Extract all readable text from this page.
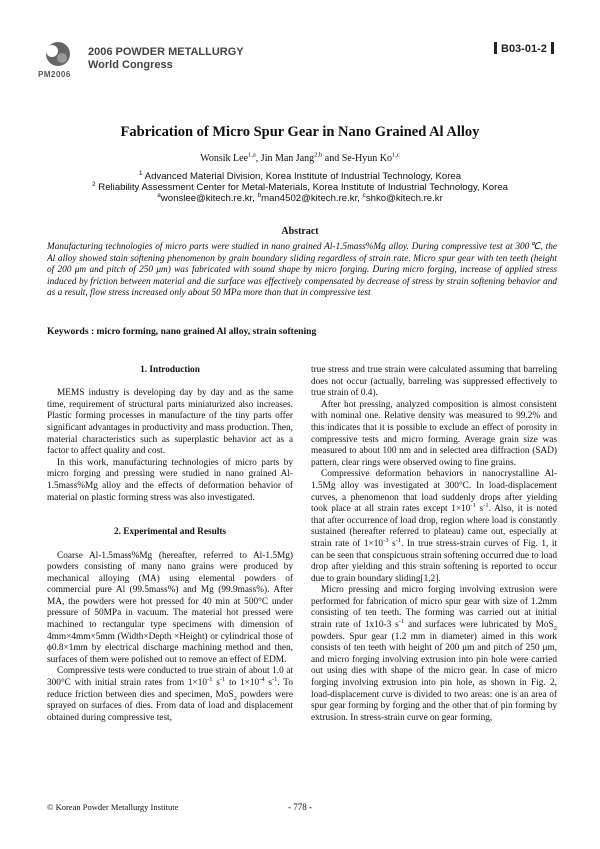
PM2006
2006 POWDER METALLURGY
World Congress
B03-01-2
Fabrication of Micro Spur Gear in Nano Grained Al Alloy
Wonsik Lee$^{1,a}$, Jin Man Jang$^{2,b}$ and Se-Hyun Ko$^{1,c}$
$^1$ Advanced Material Division, Korea Institute of Industrial Technology, Korea
$^2$ Reliability Assessment Center for Metal-Materials, Korea Institute of Industrial Technology, Korea
$^a$wonslee@kitech.re.kr, $^b$man4502@kitech.re.kr, $^c$shko@kitech.re.kr
Abstract

Manufacturing technologies of micro parts were studied in nano grained Al-1.5mass%Mg alloy. During compressive test at 300℃, the Al alloy showed stain softening phenomenon by grain boundary sliding regardless of strain rate. Micro spur gear with ten teeth (height of 200 μm and pitch of 250 μm) was fabricated with sound shape by micro forging. During micro forging, increase of applied stress induced by friction between material and die surface was effectively compensated by decrease of stress by strain softening behavior and as a result, flow stress increased only about 50 MPa more than that in compressive test

Keywords : micro forming, nano grained Al alloy, strain softening

1. Introduction

MEMS industry is developing day by day and as the same time, requirement of structural parts miniaturized also increases. Plastic forming processes in manufacture of the tiny parts offer significant advantages in productivity and mass production. Then, material characteristics such as superplastic behavior act as a factor to affect quality and cost.

In this work, manufacturing technologies of micro parts by micro forging and pressing were studied in nano grained Al-1.5mass%Mg alloy and the effects of deformation behavior of material on plastic forming stress was also investigated.

2. Experimental and Results

Coarse Al-1.5mass%Mg (hereafter, referred to Al-1.5Mg) powders consisting of many nano grains were produced by mechanical alloying (MA) using elemental powders of commercial pure Al (99.5mass%) and Mg (99.9mass%). After MA, the powders were hot pressed for 40 min at 500°C under pressure of 50MPa in vacuum. The material hot pressed were machined to rectangular type specimens with dimension of 4mm×4mm×5mm (Width×Depth ×Height) or cylindrical those of ϕ0.8×1mm by electrical discharge machining method and then, surfaces of them were polished out to remove an effect of EDM.

Compressive tests were conducted to true strain of about 1.0 at 300°C with initial strain rates from $1\times 10^{-1}$ $s^{-1}$ to $1\times 10^{-4}$ $s^{-1}$. To reduce friction between dies and specimen, MoS$_2$ powders were sprayed on surfaces of dies. From data of load and displacement obtained during compressive test,

true stress and true strain were calculated assuming that barreling does not occur (actually, barreling was suppressed effectively to true strain of 0.4).

After hot pressing, analyzed composition is almost consistent with nominal one. Relative density was measured to 99.2% and this indicates that it is possible to exclude an effect of porosity in compressive tests and micro forming. Average grain size was measured to about 100 nm and in selected area diffraction (SAD) pattern, clear rings were observed owing to fine grains.

Compressive deformation behaviors in nanocrystalline Al-1.5Mg alloy was investigated at 300°C. In load-displacement curves, a phenomenon that load suddenly drops after yielding took place at all strain rates except $1\times 10^{-1}$ $s^{-1}$. Also, it is noted that after occurrence of load drop, region where load is constantly sustained (hereafter referred to plateau) came out, especially at strain rate of $1\times 10^{-3}$ $s^{-1}$. In true stress-strain curves of Fig. 1, it can be seen that conspicuous strain softening occurred due to load drop after yielding and this strain softening is reported to occur due to grain boundary sliding[1,2].

Micro pressing and micro forging involving extrusion were performed for fabrication of micro spur gear with size of 1.2mm consisting of ten teeth. The forming was carried out at initial strain rate of 1x10-3 $s^{-1}$ and surfaces were lubricated by MoS$_2$ powders. Spur gear (1.2 mm in diameter) aimed in this work consists of ten teeth with height of 200 μm and pitch of 250 μm, and micro forging involving extrusion into pin hole were carried out using dies with shape of the micro gear. In case of micro forging involving extrusion into pin hole, as shown in Fig. 2, load-displacement curve is divided to two areas: one is an area of spur gear forming by forging and the other that of pin forming by extrusion. In stress-strain curve on gear forming,

© Korean Powder Metallurgy Institute	- 778 -
